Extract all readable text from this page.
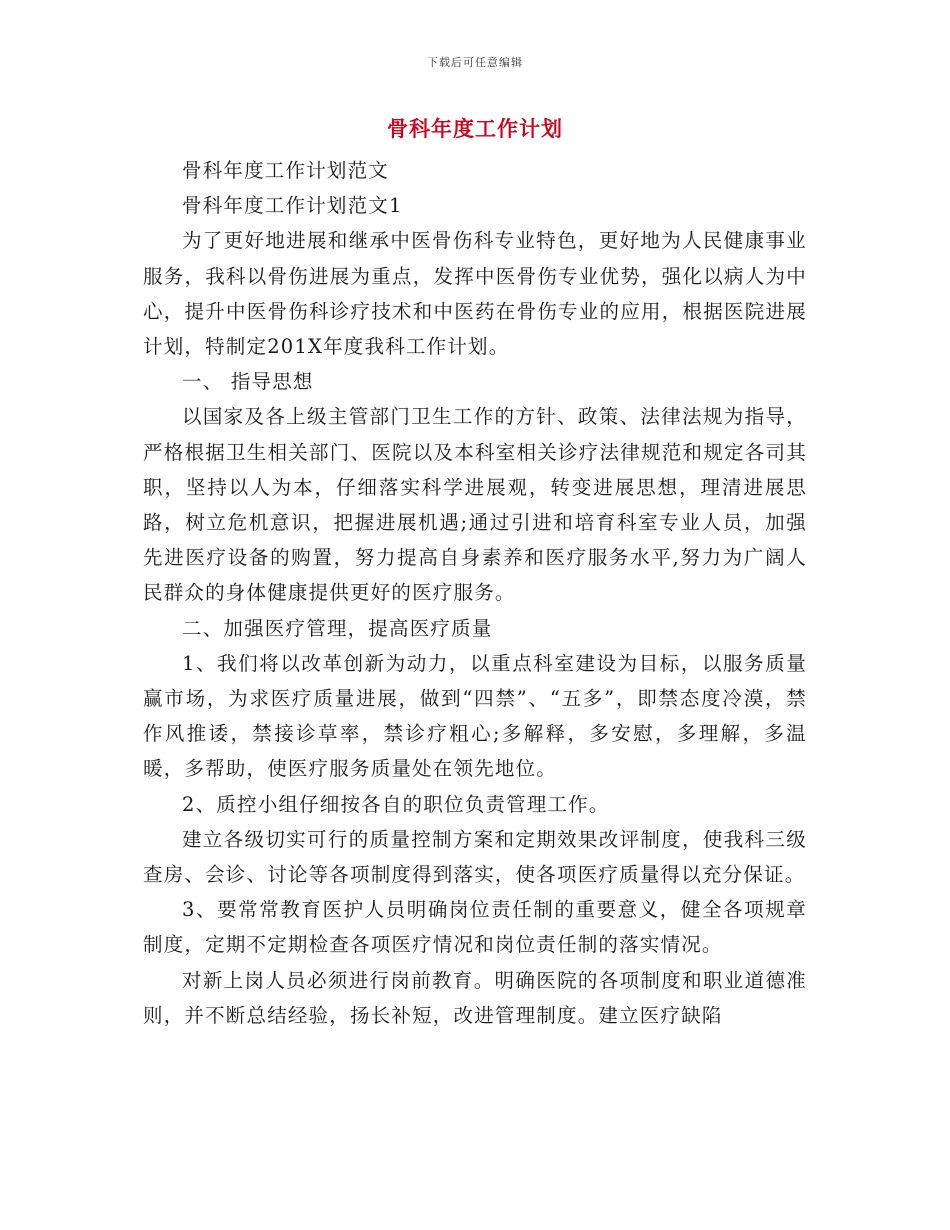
下载后可任意编辑
骨科年度工作计划

骨科年度工作计划范文

骨科年度工作计划范文1

为了更好地进展和继承中医骨伤科专业特色，更好地为人民健康事业服务，我科以骨伤进展为重点，发挥中医骨伤专业优势，强化以病人为中心，提升中医骨伤科诊疗技术和中医药在骨伤专业的应用，根据医院进展计划，特制定201X年度我科工作计划。

一、 指导思想

以国家及各上级主管部门卫生工作的方针、政策、法律法规为指导，严格根据卫生相关部门、医院以及本科室相关诊疗法律规范和规定各司其职，坚持以人为本，仔细落实科学进展观，转变进展思想，理清进展思路，树立危机意识，把握进展机遇;通过引进和培育科室专业人员，加强先进医疗设备的购置，努力提高自身素养和医疗服务水平,努力为广阔人民群众的身体健康提供更好的医疗服务。

二、加强医疗管理，提高医疗质量

1、我们将以改革创新为动力，以重点科室建设为目标，以服务质量赢市场，为求医疗质量进展，做到“四禁”、“五多”，即禁态度冷漠，禁作风推诿，禁接诊草率，禁诊疗粗心;多解释，多安慰，多理解，多温暖，多帮助，使医疗服务质量处在领先地位。

2、质控小组仔细按各自的职位负责管理工作。

建立各级切实可行的质量控制方案和定期效果改评制度，使我科三级查房、会诊、讨论等各项制度得到落实，使各项医疗质量得以充分保证。

3、要常常教育医护人员明确岗位责任制的重要意义，健全各项规章制度，定期不定期检查各项医疗情况和岗位责任制的落实情况。

对新上岗人员必须进行岗前教育。明确医院的各项制度和职业道德准则，并不断总结经验，扬长补短，改进管理制度。建立医疗缺陷
